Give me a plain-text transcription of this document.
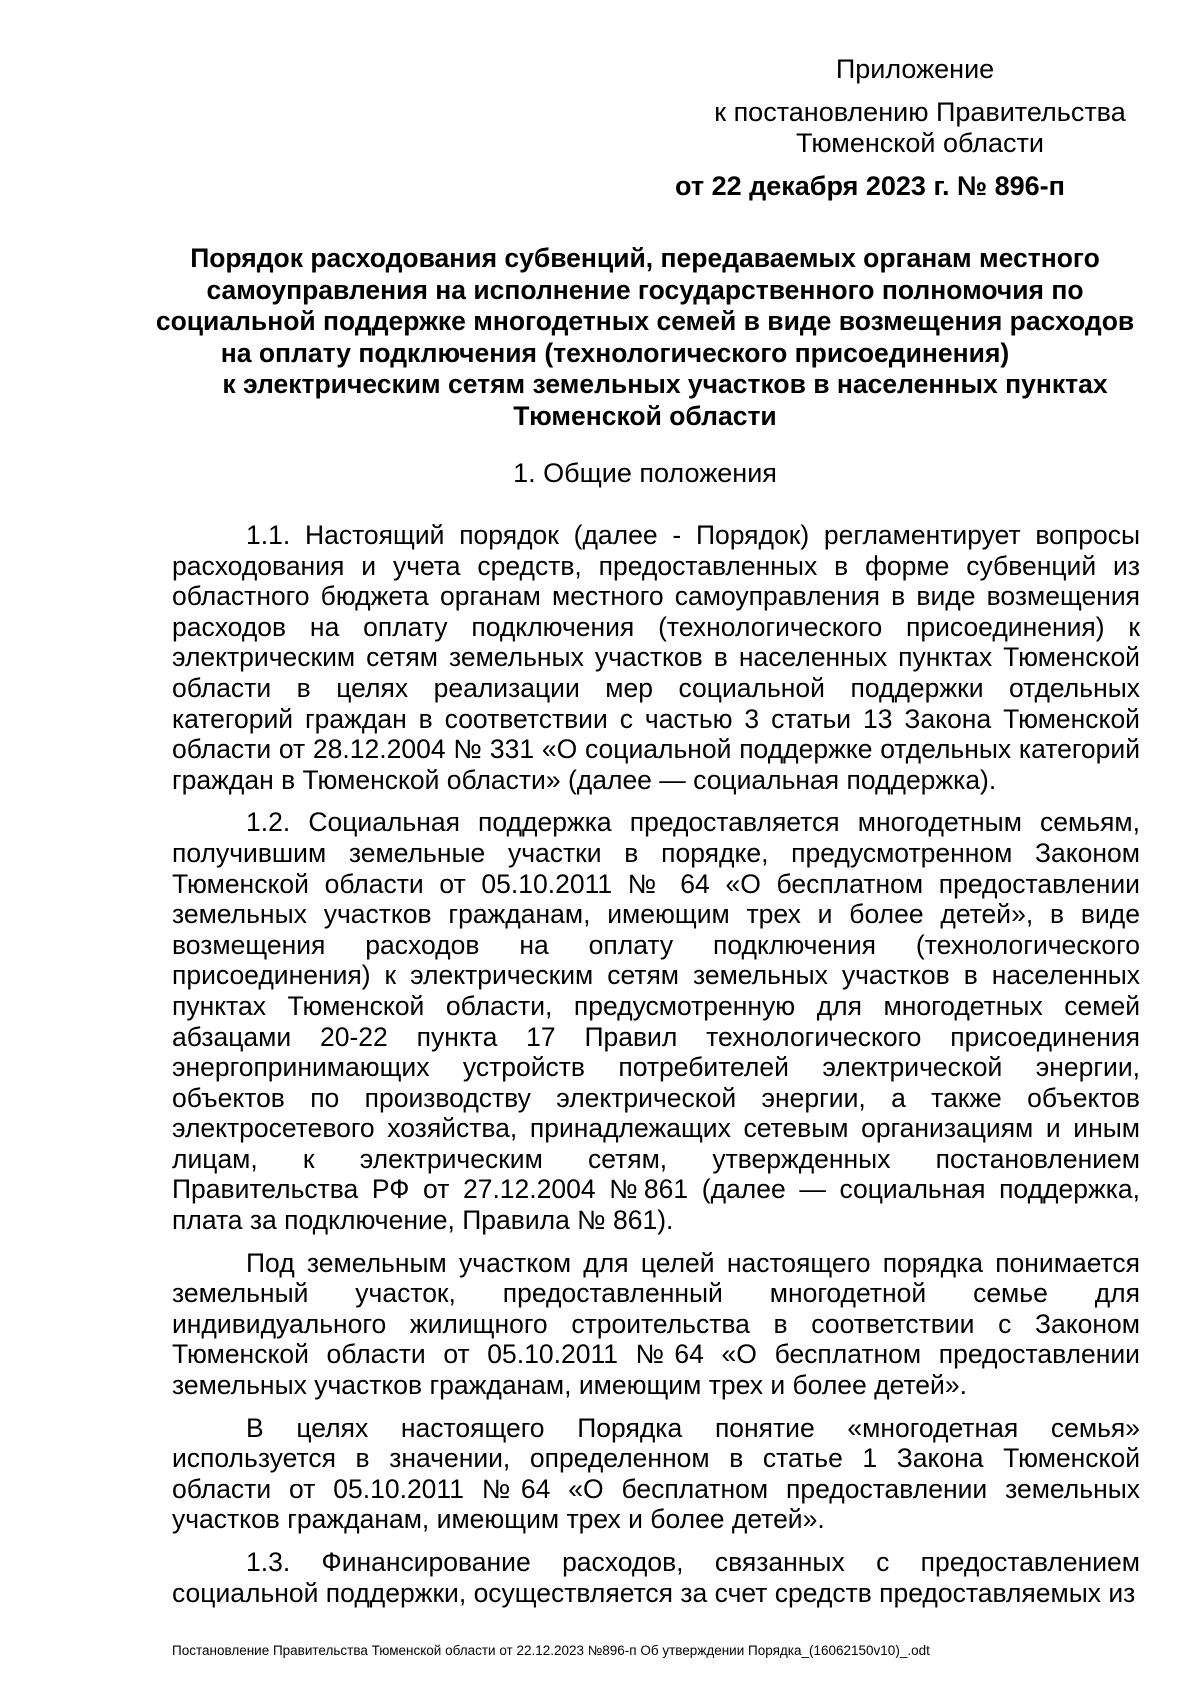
Приложение
к постановлению Правительства
Тюменской области
от 22 декабря 2023 г. № 896-п
Порядок расходования субвенций, передаваемых органам местного
самоуправления на исполнение государственного полномочия по
социальной поддержке многодетных семей в виде возмещения расходов
на оплату подключения (технологического присоединения)
к электрическим сетям земельных участков в населенных пунктах
Тюменской области
1. Общие положения

1.1. Настоящий порядок (далее - Порядок) регламентирует вопросы расходования и учета средств, предоставленных в форме субвенций из областного бюджета органам местного самоуправления в виде возмещения расходов на оплату подключения (технологического присоединения) к электрическим сетям земельных участков в населенных пунктах Тюменской области в целях реализации мер социальной поддержки отдельных категорий граждан в соответствии с частью 3 статьи 13 Закона Тюменской области от 28.12.2004 № 331 «О социальной поддержке отдельных категорий граждан в Тюменской области» (далее — социальная поддержка).

1.2. Социальная поддержка предоставляется многодетным семьям, получившим земельные участки в порядке, предусмотренном Законом Тюменской области от 05.10.2011 № 64 «О бесплатном предоставлении земельных участков гражданам, имеющим трех и более детей», в виде возмещения расходов на оплату подключения (технологического присоединения) к электрическим сетям земельных участков в населенных пунктах Тюменской области, предусмотренную для многодетных семей абзацами 20-22 пункта 17 Правил технологического присоединения энергопринимающих устройств потребителей электрической энергии, объектов по производству электрической энергии, а также объектов электросетевого хозяйства, принадлежащих сетевым организациям и иным лицам, к электрическим сетям, утвержденных постановлением Правительства РФ от 27.12.2004 №861 (далее — социальная поддержка, плата за подключение, Правила № 861).

Под земельным участком для целей настоящего порядка понимается земельный участок, предоставленный многодетной семье для индивидуального жилищного строительства в соответствии с Законом Тюменской области от 05.10.2011 №64 «О бесплатном предоставлении земельных участков гражданам, имеющим трех и более детей».

В целях настоящего Порядка понятие «многодетная семья» используется в значении, определенном в статье 1 Закона Тюменской области от 05.10.2011 №64 «О бесплатном предоставлении земельных участков гражданам, имеющим трех и более детей».

1.3. Финансирование расходов, связанных с предоставлением социальной поддержки, осуществляется за счет средств предоставляемых из

Постановление Правительства Тюменской области от 22.12.2023 №896-п Об утверждении Порядка_(16062150v10)_.odt
